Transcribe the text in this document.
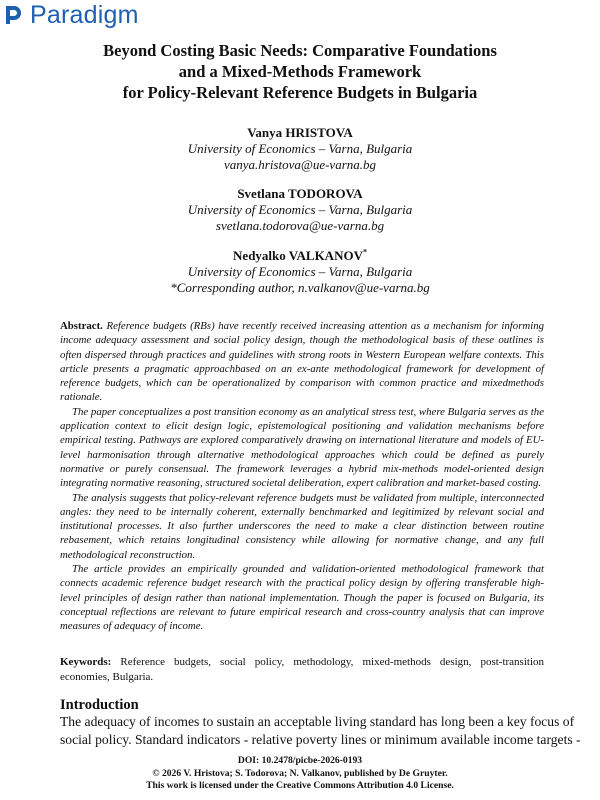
Paradigm
Beyond Costing Basic Needs: Comparative Foundations
and a Mixed-Methods Framework
for Policy-Relevant Reference Budgets in Bulgaria
Vanya HRISTOVA
University of Economics – Varna, Bulgaria
vanya.hristova@ue-varna.bg
Svetlana TODOROVA
University of Economics – Varna, Bulgaria
svetlana.todorova@ue-varna.bg
Nedyalko VALKANOV*
University of Economics – Varna, Bulgaria
*Corresponding author, n.valkanov@ue-varna.bg

Abstract. Reference budgets (RBs) have recently received increasing attention as a mechanism for informing income adequacy assessment and social policy design, though the methodological basis of these outlines is often dispersed through practices and guidelines with strong roots in Western European welfare contexts. This article presents a pragmatic approachbased on an ex-ante methodological framework for development of reference budgets, which can be operationalized by comparison with common practice and mixedmethods rationale.

The paper conceptualizes a post transition economy as an analytical stress test, where Bulgaria serves as the application context to elicit design logic, epistemological positioning and validation mechanisms before empirical testing. Pathways are explored comparatively drawing on international literature and models of EU-level harmonisation through alternative methodological approaches which could be defined as purely normative or purely consensual. The framework leverages a hybrid mix-methods model-oriented design integrating normative reasoning, structured societal deliberation, expert calibration and market-based costing.

The analysis suggests that policy-relevant reference budgets must be validated from multiple, interconnected angles: they need to be internally coherent, externally benchmarked and legitimized by relevant social and institutional processes. It also further underscores the need to make a clear distinction between routine rebasement, which retains longitudinal consistency while allowing for normative change, and any full methodological reconstruction.

The article provides an empirically grounded and validation-oriented methodological framework that connects academic reference budget research with the practical policy design by offering transferable high-level principles of design rather than national implementation. Though the paper is focused on Bulgaria, its conceptual reflections are relevant to future empirical research and cross-country analysis that can improve measures of adequacy of income.

Keywords: Reference budgets, social policy, methodology, mixed-methods design, post-transition economies, Bulgaria.
Introduction
The adequacy of incomes to sustain an acceptable living standard has long been a key focus of
social policy. Standard indicators - relative poverty lines or minimum available income targets -
DOI: 10.2478/picbe-2026-0193
© 2026 V. Hristova; S. Todorova; N. Valkanov, published by De Gruyter.
This work is licensed under the Creative Commons Attribution 4.0 License.
